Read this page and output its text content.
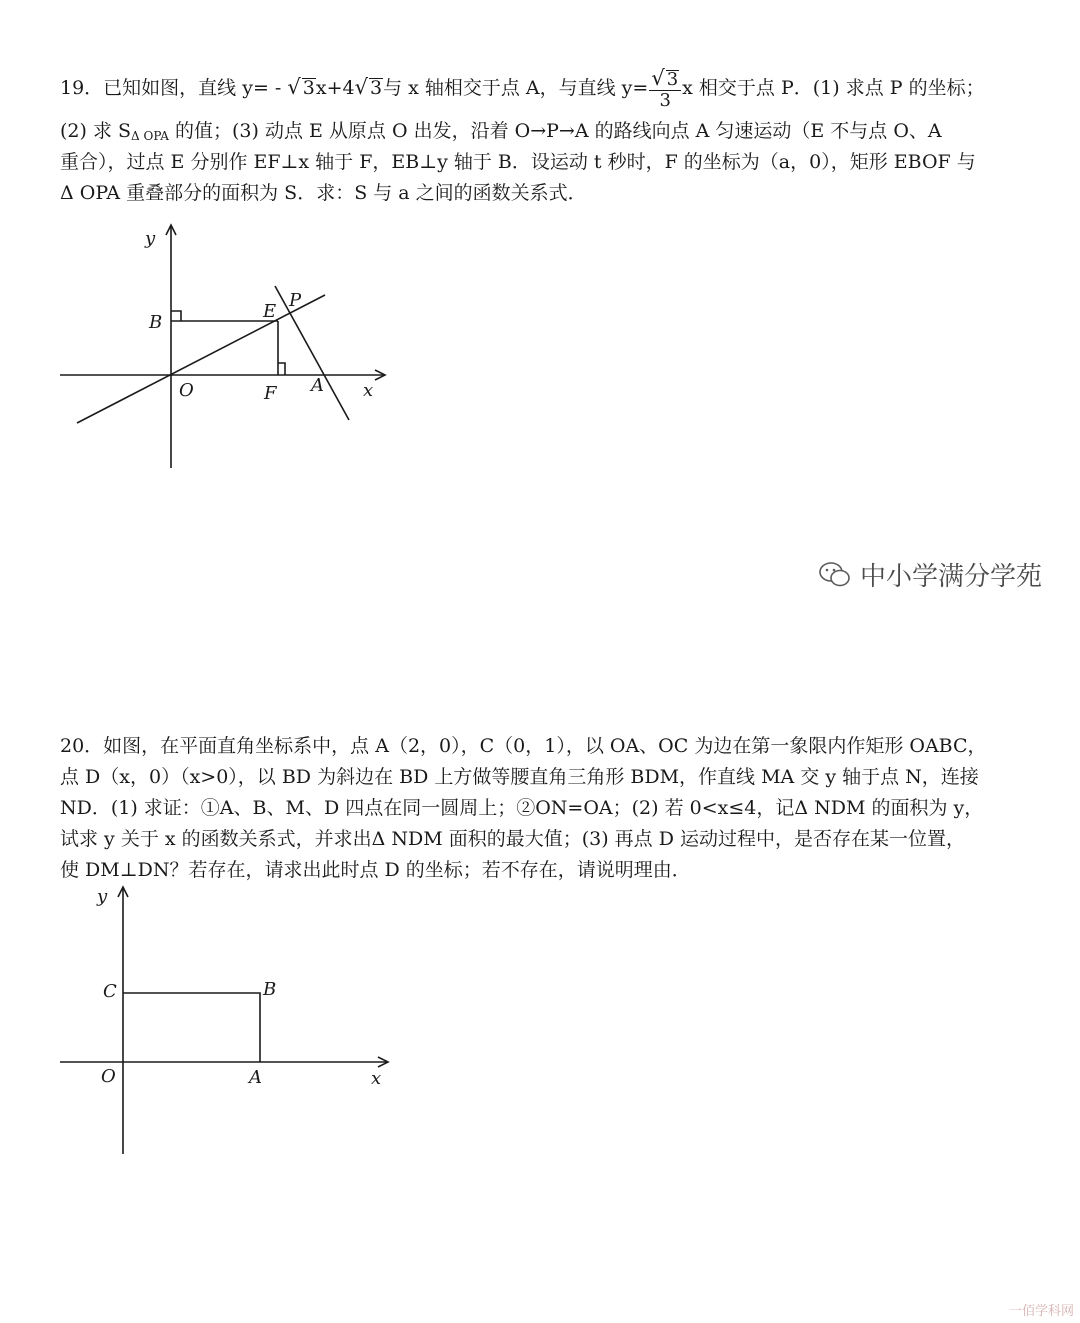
19．已知如图，直线 y= - √ 3x+4√ 3与 x 轴相交于点 A，与直线 $y= \frac{√ 3}{3}$ x 相交于点 P．(1) 求点 P 的坐标；
(2) 求 $S_{\Delta OPA}$ 的值；(3) 动点 E 从原点 O 出发，沿着 O→P→A 的路线向点 A 匀速运动（E 不与点 O、A
重合），过点 E 分别作 EF⊥x 轴于 F，EB⊥y 轴于 B．设运动 t 秒时，F 的坐标为（a，0），矩形 EBOF 与
Δ OPA 重叠部分的面积为 S．求：S 与 a 之间的函数关系式．
y
x
B
E
P
O	F A
20．如图，在平面直角坐标系中，点 A（2，0），C（0，1），以 OA、OC 为边在第一象限内作矩形 OABC，
点 D（x，0）（x>0），以 BD 为斜边在 BD 上方做等腰直角三角形 BDM，作直线 MA 交 y 轴于点 N，连接
ND．(1) 求证：①A、B、M、D 四点在同一圆周上；②ON=OA；(2) 若 0<x≤4，记Δ NDM 的面积为 y，
试求 y 关于 x 的函数关系式，并求出Δ NDM 面积的最大值；(3) 再点 D 运动过程中，是否存在某一位置，
使 DM⊥DN？若存在，请求出此时点 D 的坐标；若不存在，请说明理由．
y
x
C	B
O	A
中小学满分学苑
一佰学科网
